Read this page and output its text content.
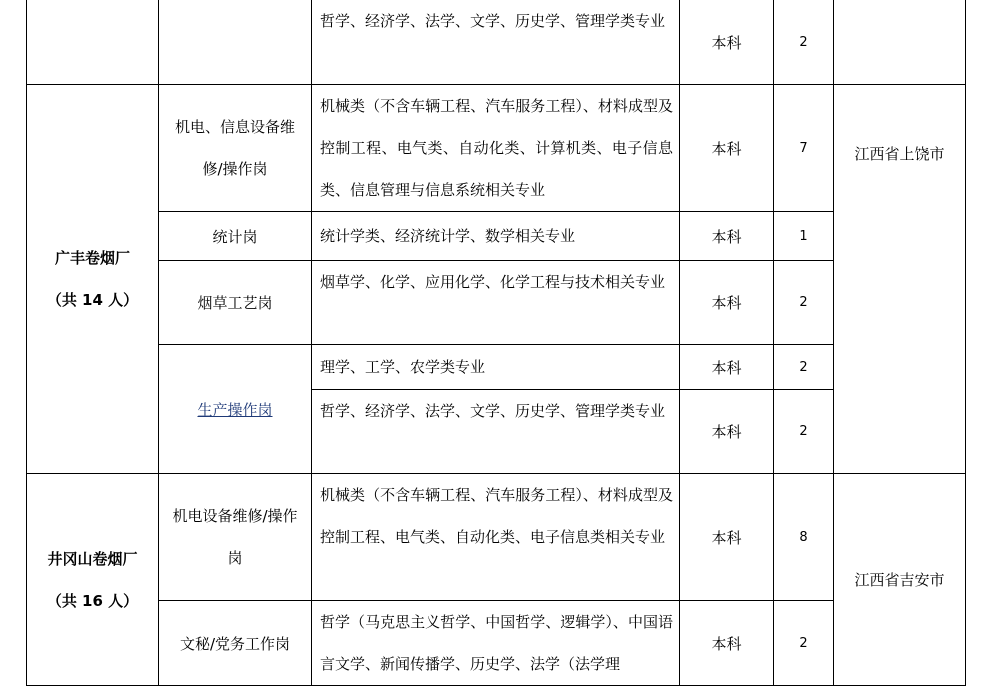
		哲学、经济学、法学、文学、历史学、管理学类专业	本科	2	

广丰卷烟厂
（共 14 人）	机电、信息设备维修/操作岗	机械类（不含车辆工程、汽车服务工程）、材料成型及控制工程、电气类、自动化类、计算机类、电子信息类、信息管理与信息系统相关专业	本科	7	江西省上饶市
	统计岗	统计学类、经济统计学、数学相关专业	本科	1	
	烟草工艺岗	烟草学、化学、应用化学、化学工程与技术相关专业	本科	2	
	生产操作岗	理学、工学、农学类专业	本科	2	
		哲学、经济学、法学、文学、历史学、管理学类专业	本科	2	

井冈山卷烟厂
（共 16 人）	机电设备维修/操作岗	机械类（不含车辆工程、汽车服务工程）、材料成型及控制工程、电气类、自动化类、电子信息类相关专业	本科	8	江西省吉安市
	文秘/党务工作岗	哲学（马克思主义哲学、中国哲学、逻辑学）、中国语言文学、新闻传播学、历史学、法学（法学理	本科	2	
